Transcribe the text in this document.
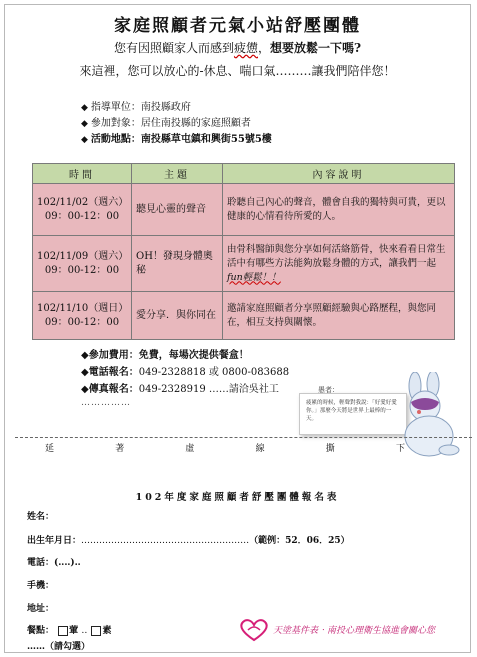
家庭照顧者元氣小站舒壓團體
您有因照顧家人而感到疲憊，想要放鬆一下嗎?
來這裡，您可以放心的-休息、喘口氣………讓我們陪伴您！
◆ 指導單位：南投縣政府
◆ 參加對象：居住南投縣的家庭照顧者
◆ 活動地點：南投縣草屯鎮和興街55號5樓
時間	主題	內容說明

102/11/02（週六）
09：00-12：00	聽見心靈的聲音	聆聽自己內心的聲音，體會自我的獨特與可貴，更以健康的心情看待所愛的人。

102/11/09（週六）
09：00-12：00	OH！發現身體奧秘	由骨科醫師與您分享如何活絡筋骨，快來看看日常生活中有哪些方法能夠放鬆身體的方式，讓我們一起fun輕鬆！！

102/11/10（週日）
09：00-12：00	愛分享．與你同在	邀請家庭照顧者分享照顧經驗與心路歷程，與您同在，相互支持與關懷。
◆參加費用：免費，每場次提供餐盒！
◆電話報名：049-2328818 或 0800-083688
◆傳真報名：049-2328919 ……請洽吳社工
……………
愚者：
疲累的時候，輕聲對我說：「好愛好愛你。」那麼今天將是世界上最棒的一天。
延	著	虛	線	撕	下
102年度家庭照顧者舒壓團體報名表
姓名：
出生年月日：‥‥‥‥‥‥‥‥‥‥‥‥‥‥‥‥‥‥‥‥‥‥‥‥‥‥‥‥（範例：52．06．25）
電話：(‥‥)‥
手機：
地址：
餐點： 葷 ‥ 素
……（請勾選）
天塗基件表‧南投心理衛生協進會關心您
